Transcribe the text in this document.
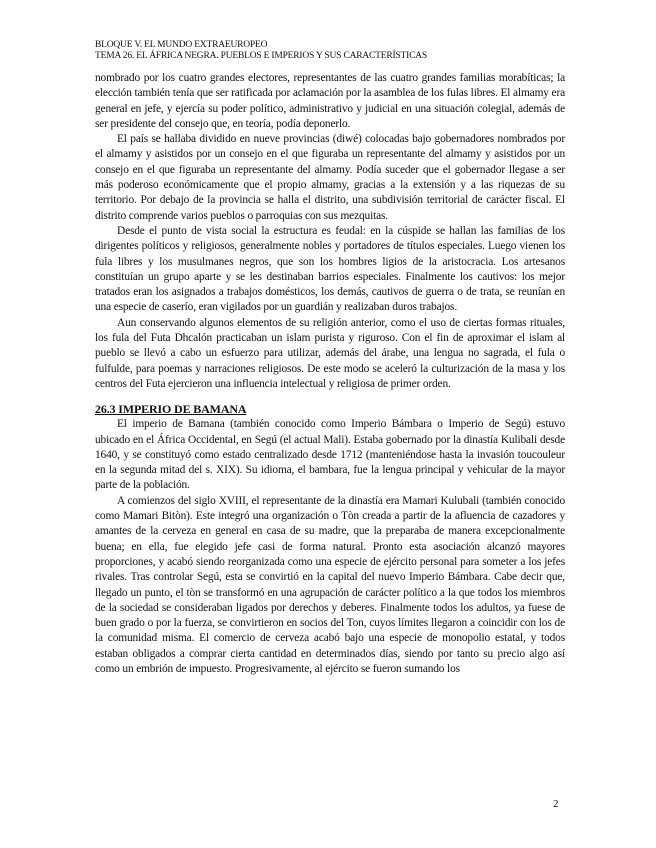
BLOQUE V. EL MUNDO EXTRAEUROPEO
TEMA 26. EL ÁFRICA NEGRA. PUEBLOS E IMPERIOS Y SUS CARACTERÍSTICAS

nombrado por los cuatro grandes electores, representantes de las cuatro grandes familias morabíticas; la elección también tenía que ser ratificada por aclamación por la asamblea de los fulas libres. El almamy era general en jefe, y ejercía su poder político, administrativo y judicial en una situación colegial, además de ser presidente del consejo que, en teoría, podía deponerlo.

El país se hallaba dividido en nueve provincias (diwé) colocadas bajo gobernadores nombrados por el almamy y asistidos por un consejo en el que figuraba un representante del almamy y asistidos por un consejo en el que figuraba un representante del almamy. Podía suceder que el gobernador llegase a ser más poderoso económicamente que el propio almamy, gracias a la extensión y a las riquezas de su territorio. Por debajo de la provincia se halla el distrito, una subdivisión territorial de carácter fiscal. El distrito comprende varios pueblos o parroquias con sus mezquitas.

Desde el punto de vista social la estructura es feudal: en la cúspide se hallan las familias de los dirigentes políticos y religiosos, generalmente nobles y portadores de títulos especiales. Luego vienen los fula libres y los musulmanes negros, que son los hombres ligios de la aristocracia. Los artesanos constituían un grupo aparte y se les destinaban barrios especiales. Finalmente los cautivos: los mejor tratados eran los asignados a trabajos domésticos, los demás, cautivos de guerra o de trata, se reunían en una especie de caserío, eran vigilados por un guardián y realizaban duros trabajos.

Aun conservando algunos elementos de su religión anterior, como el uso de ciertas formas rituales, los fula del Futa Dhcalón practicaban un islam purista y riguroso. Con el fin de aproximar el islam al pueblo se llevó a cabo un esfuerzo para utilizar, además del árabe, una lengua no sagrada, el fula o fulfulde, para poemas y narraciones religiosos. De este modo se aceleró la culturización de la masa y los centros del Futa ejercieron una influencia intelectual y religiosa de primer orden.

26.3 IMPERIO DE BAMANA

El imperio de Bamana (también conocido como Imperio Bámbara o Imperio de Segú) estuvo ubicado en el África Occidental, en Segú (el actual Mali). Estaba gobernado por la dinastía Kulibali desde 1640, y se constituyó como estado centralizado desde 1712 (manteniéndose hasta la invasión toucouleur en la segunda mitad del s. XIX). Su idioma, el bambara, fue la lengua principal y vehicular de la mayor parte de la población.

A comienzos del siglo XVIII, el representante de la dinastía era Mamari Kulubali (también conocido como Mamari Bitòn). Este integró una organización o Tòn creada a partir de la afluencia de cazadores y amantes de la cerveza en general en casa de su madre, que la preparaba de manera excepcionalmente buena; en ella, fue elegido jefe casi de forma natural. Pronto esta asociación alcanzó mayores proporciones, y acabó siendo reorganizada como una especie de ejército personal para someter a los jefes rivales. Tras controlar Segú, esta se convirtió en la capital del nuevo Imperio Bámbara. Cabe decir que, llegado un punto, el tòn se transformó en una agrupación de carácter político a la que todos los miembros de la sociedad se consideraban ligados por derechos y deberes. Finalmente todos los adultos, ya fuese de buen grado o por la fuerza, se convirtieron en socios del Ton, cuyos límites llegaron a coincidir con los de la comunidad misma. El comercio de cerveza acabó bajo una especie de monopolio estatal, y todos estaban obligados a comprar cierta cantidad en determinados días, siendo por tanto su precio algo así como un embrión de impuesto. Progresivamente, al ejército se fueron sumando los

2
